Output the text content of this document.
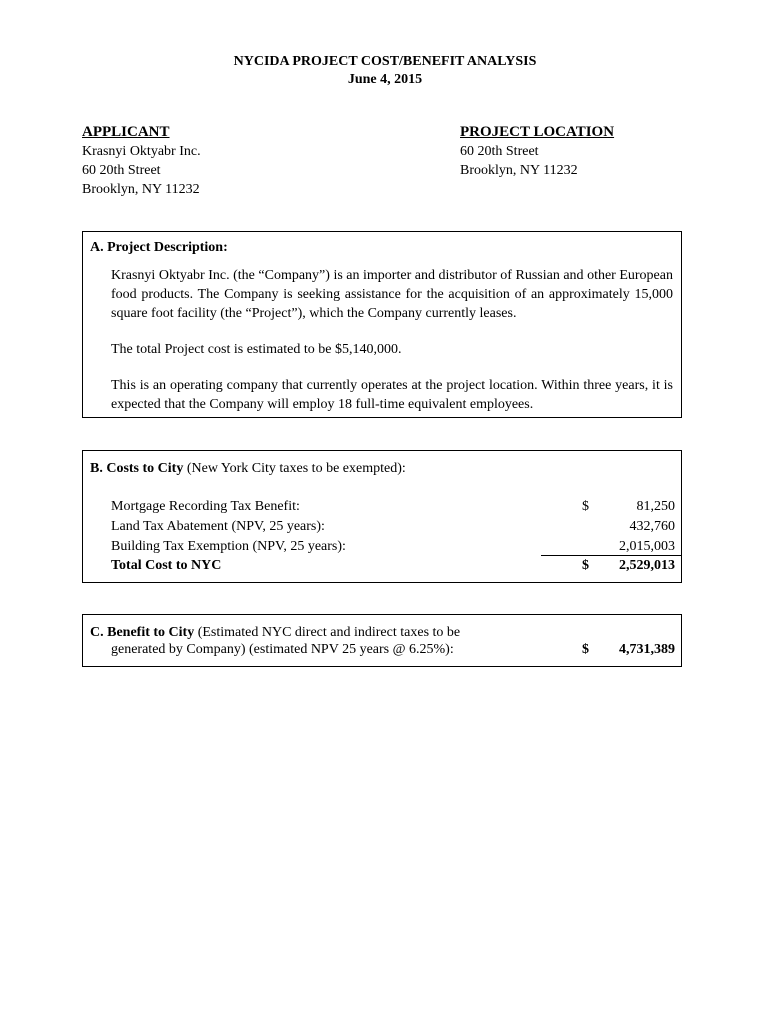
NYCIDA PROJECT COST/BENEFIT ANALYSIS
June 4, 2015
APPLICANT
Krasnyi Oktyabr Inc.
60 20th Street
Brooklyn, NY 11232
PROJECT LOCATION
60 20th Street
Brooklyn, NY 11232
A. Project Description:
Krasnyi Oktyabr Inc. (the “Company”) is an importer and distributor of Russian and other European food products. The Company is seeking assistance for the acquisition of an approximately 15,000 square foot facility (the “Project”), which the Company currently leases.
The total Project cost is estimated to be $5,140,000.
This is an operating company that currently operates at the project location. Within three years, it is expected that the Company will employ 18 full-time equivalent employees.
B. Costs to City (New York City taxes to be exempted):
Mortgage Recording Tax Benefit:	$	81,250
Land Tax Abatement (NPV, 25 years):	432,760
Building Tax Exemption (NPV, 25 years):	2,015,003
Total Cost to NYC	$ 2,529,013
C. Benefit to City (Estimated NYC direct and indirect taxes to be
generated by Company) (estimated NPV 25 years @ 6.25%):	$ 4,731,389
